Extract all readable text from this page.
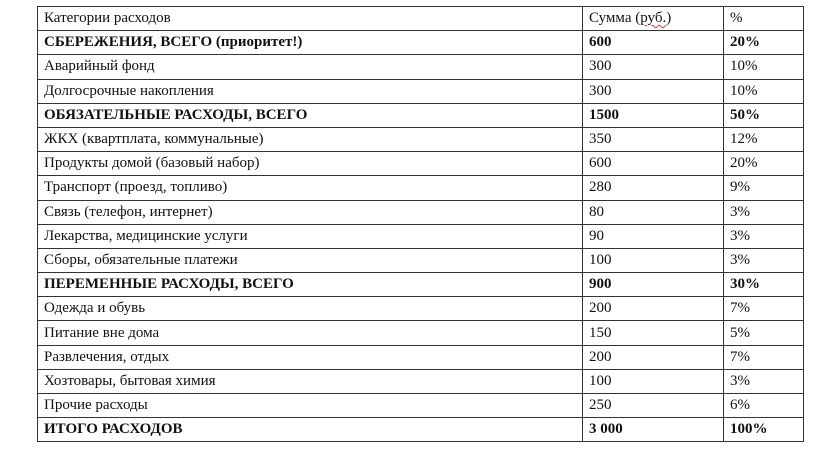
Категории расходов	Сумма (руб.)	%
СБЕРЕЖЕНИЯ, ВСЕГО (приоритет!)	600	20%
Аварийный фонд	300	10%
Долгосрочные накопления	300	10%
ОБЯЗАТЕЛЬНЫЕ РАСХОДЫ, ВСЕГО	1500	50%
ЖКХ (квартплата, коммунальные)	350	12%
Продукты домой (базовый набор)	600	20%
Транспорт (проезд, топливо)	280	9%
Связь (телефон, интернет)	80	3%
Лекарства, медицинские услуги	90	3%
Сборы, обязательные платежи	100	3%
ПЕРЕМЕННЫЕ РАСХОДЫ, ВСЕГО	900	30%
Одежда и обувь	200	7%
Питание вне дома	150	5%
Развлечения, отдых	200	7%
Хозтовары, бытовая химия	100	3%
Прочие расходы	250	6%
ИТОГО РАСХОДОВ	3 000	100%
